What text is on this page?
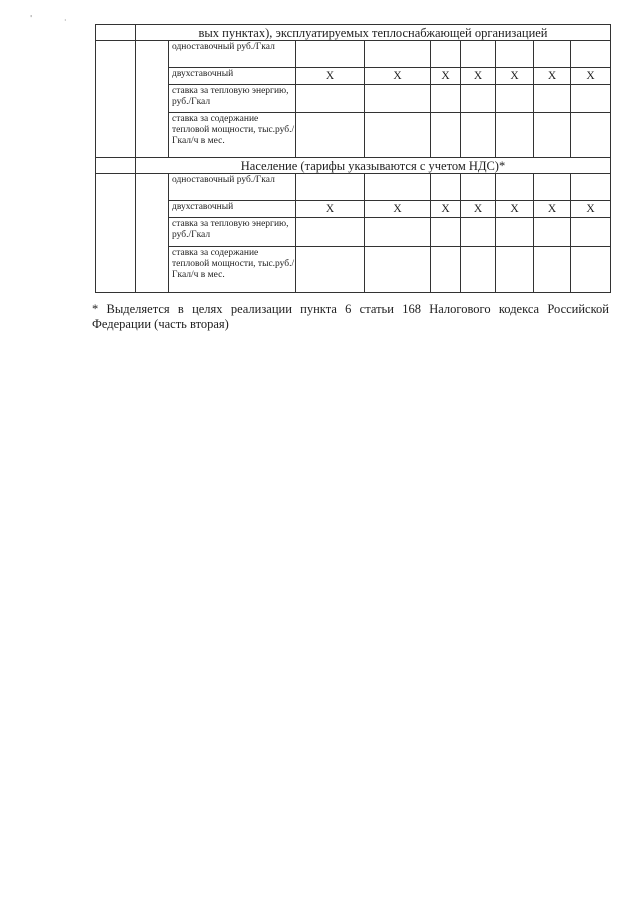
'	·
	вых пунктах), эксплуатируемых теплоснабжающей организацией								
		одноставочный руб./Гкал							
		двухставочный	X	X	X	X	X	X	X
		ставка за тепловую энергию, руб./Гкал							
		ставка за содержание тепловой мощности, тыс.руб./Гкал/ч в мес.							
	Население (тарифы указываются с учетом НДС)*								
		одноставочный руб./Гкал							
		двухставочный	X	X	X	X	X	X	X
		ставка за тепловую энергию, руб./Гкал							
		ставка за содержание тепловой мощности, тыс.руб./Гкал/ч в мес.							
* Выделяется в целях реализации пункта 6 статьи 168 Налогового кодекса Российской Федерации (часть вторая)
